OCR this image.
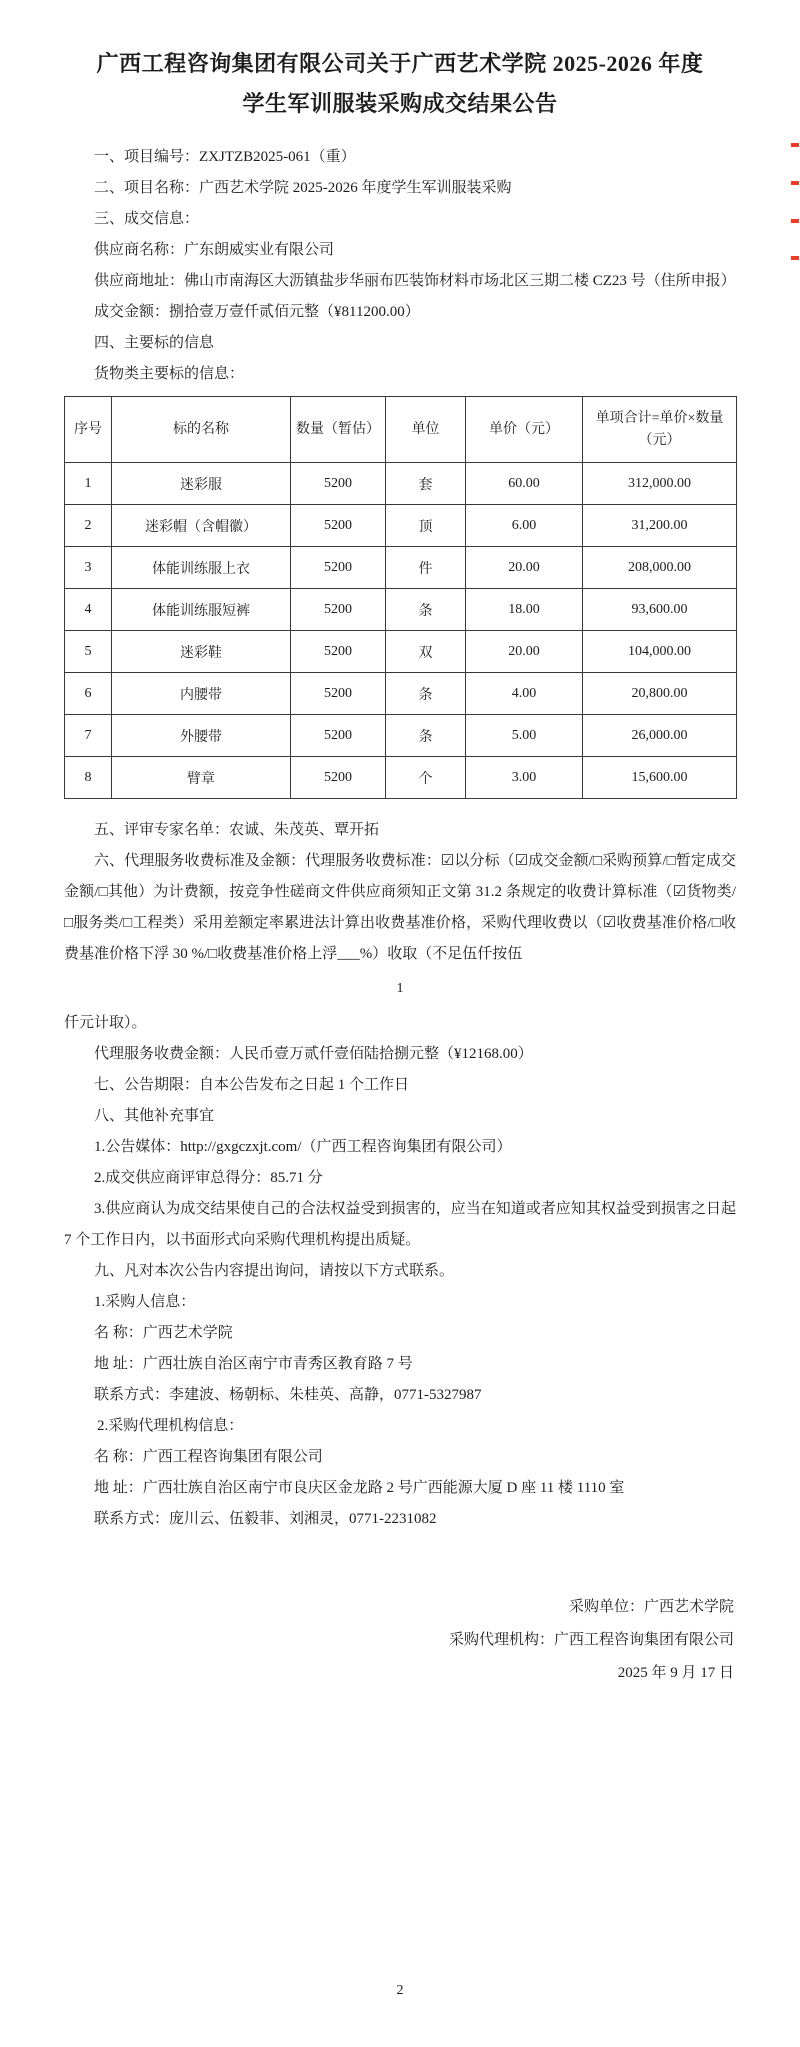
广西工程咨询集团有限公司关于广西艺术学院 2025-2026 年度
学生军训服装采购成交结果公告

一、项目编号：ZXJTZB2025-061（重）

二、项目名称：广西艺术学院 2025-2026 年度学生军训服装采购

三、成交信息：

供应商名称：广东朗威实业有限公司

供应商地址：佛山市南海区大沥镇盐步华丽布匹装饰材料市场北区三期二楼 CZ23 号（住所申报）

成交金额：捌拾壹万壹仟贰佰元整（¥811200.00）

四、主要标的信息

货物类主要标的信息：

序号	标的名称	数量（暂估）	单位	单价（元）	单项合计=单价×数量
（元）

1	迷彩服	5200	套	60.00	312,000.00
2	迷彩帽（含帽徽）	5200	顶	6.00	31,200.00
3	体能训练服上衣	5200	件	20.00	208,000.00
4	体能训练服短裤	5200	条	18.00	93,600.00
5	迷彩鞋	5200	双	20.00	104,000.00
6	内腰带	5200	条	4.00	20,800.00
7	外腰带	5200	条	5.00	26,000.00
8	臂章	5200	个	3.00	15,600.00

五、评审专家名单：农诚、朱茂英、覃开拓

六、代理服务收费标准及金额：代理服务收费标准：☑以分标（☑成交金额/□采购预算/□暂定成交金额/□其他）为计费额，按竞争性磋商文件供应商须知正文第 31.2 条规定的收费计算标准（☑货物类/□服务类/□工程类）采用差额定率累进法计算出收费基准价格，采购代理收费以（☑收费基准价格/□收费基准价格下浮 30 %/□收费基准价格上浮___%）收取（不足伍仟按伍

1

仟元计取）。

代理服务收费金额：人民币壹万贰仟壹佰陆拾捌元整（¥12168.00）

七、公告期限：自本公告发布之日起 1 个工作日

八、其他补充事宜

1.公告媒体：http://gxgczxjt.com/（广西工程咨询集团有限公司）

2.成交供应商评审总得分：85.71 分

3.供应商认为成交结果使自己的合法权益受到损害的，应当在知道或者应知其权益受到损害之日起 7 个工作日内，以书面形式向采购代理机构提出质疑。

九、凡对本次公告内容提出询问，请按以下方式联系。

1.采购人信息：

名 称：广西艺术学院

地 址：广西壮族自治区南宁市青秀区教育路 7 号

联系方式：李建波、杨朝标、朱桂英、高静，0771-5327987

2.采购代理机构信息：

名 称：广西工程咨询集团有限公司

地 址：广西壮族自治区南宁市良庆区金龙路 2 号广西能源大厦 D 座 11 楼 1110 室

联系方式：庞川云、伍毅菲、刘湘灵，0771-2231082

采购单位：广西艺术学院

采购代理机构：广西工程咨询集团有限公司

2025 年 9 月 17 日

2
